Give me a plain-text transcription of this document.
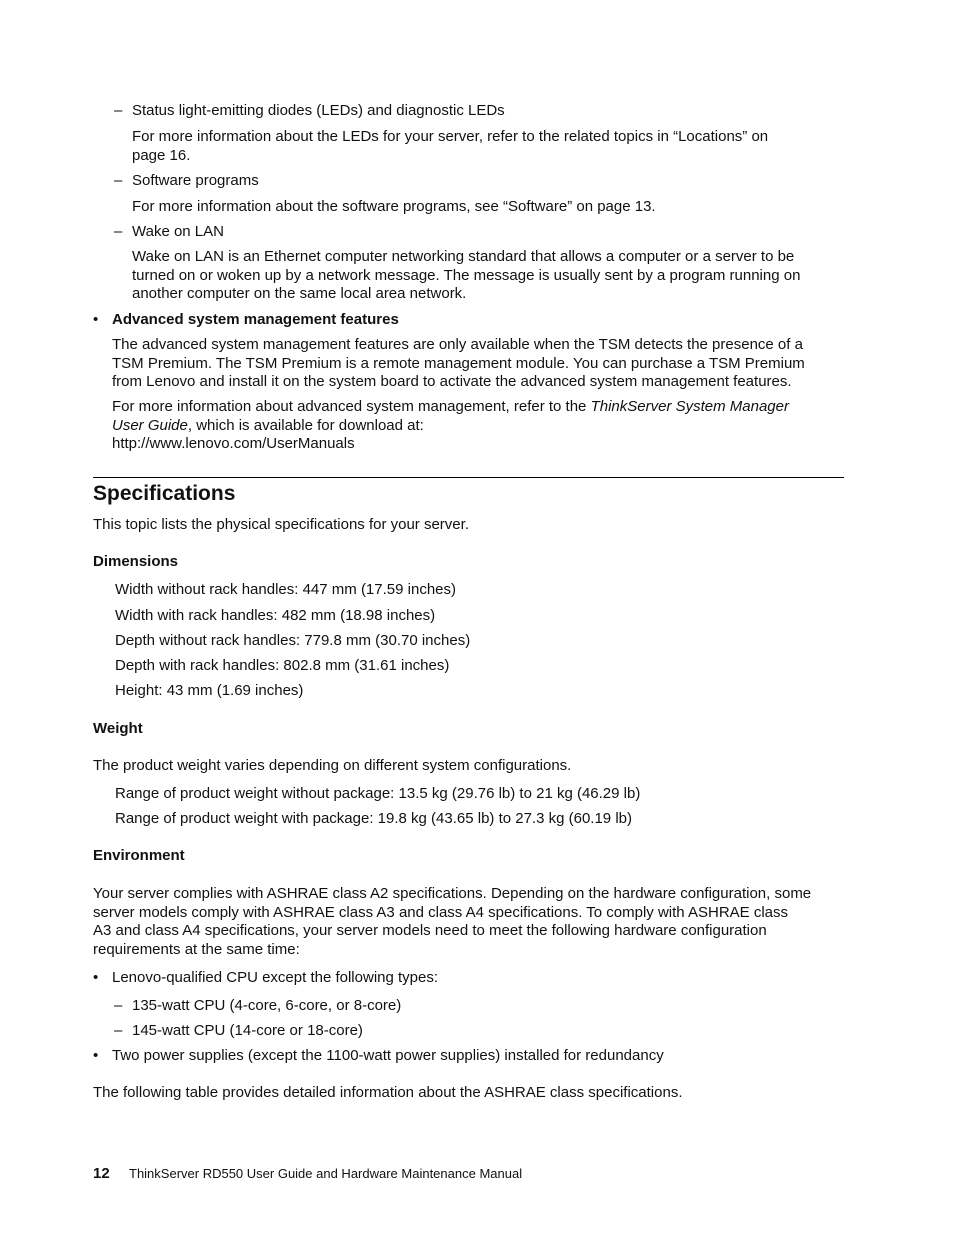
– Status light-emitting diodes (LEDs) and diagnostic LEDs
For more information about the LEDs for your server, refer to the related topics in “Locations” on
page 16.
– Software programs
For more information about the software programs, see “Software” on page 13.
– Wake on LAN
Wake on LAN is an Ethernet computer networking standard that allows a computer or a server to be
turned on or woken up by a network message. The message is usually sent by a program running on
another computer on the same local area network.
• Advanced system management features
The advanced system management features are only available when the TSM detects the presence of a
TSM Premium. The TSM Premium is a remote management module. You can purchase a TSM Premium
from Lenovo and install it on the system board to activate the advanced system management features.
For more information about advanced system management, refer to the ThinkServer System Manager
User Guide, which is available for download at:
http://www.lenovo.com/UserManuals
Specifications
This topic lists the physical specifications for your server.
Dimensions
Width without rack handles: 447 mm (17.59 inches)
Width with rack handles: 482 mm (18.98 inches)
Depth without rack handles: 779.8 mm (30.70 inches)
Depth with rack handles: 802.8 mm (31.61 inches)
Height: 43 mm (1.69 inches)
Weight
The product weight varies depending on different system configurations.
Range of product weight without package: 13.5 kg (29.76 lb) to 21 kg (46.29 lb)
Range of product weight with package: 19.8 kg (43.65 lb) to 27.3 kg (60.19 lb)
Environment
Your server complies with ASHRAE class A2 specifications. Depending on the hardware configuration, some
server models comply with ASHRAE class A3 and class A4 specifications. To comply with ASHRAE class
A3 and class A4 specifications, your server models need to meet the following hardware configuration
requirements at the same time:
• Lenovo-qualified CPU except the following types:
– 135-watt CPU (4-core, 6-core, or 8-core)
– 145-watt CPU (14-core or 18-core)
• Two power supplies (except the 1100-watt power supplies) installed for redundancy
The following table provides detailed information about the ASHRAE class specifications.
12 ThinkServer RD550 User Guide and Hardware Maintenance Manual
